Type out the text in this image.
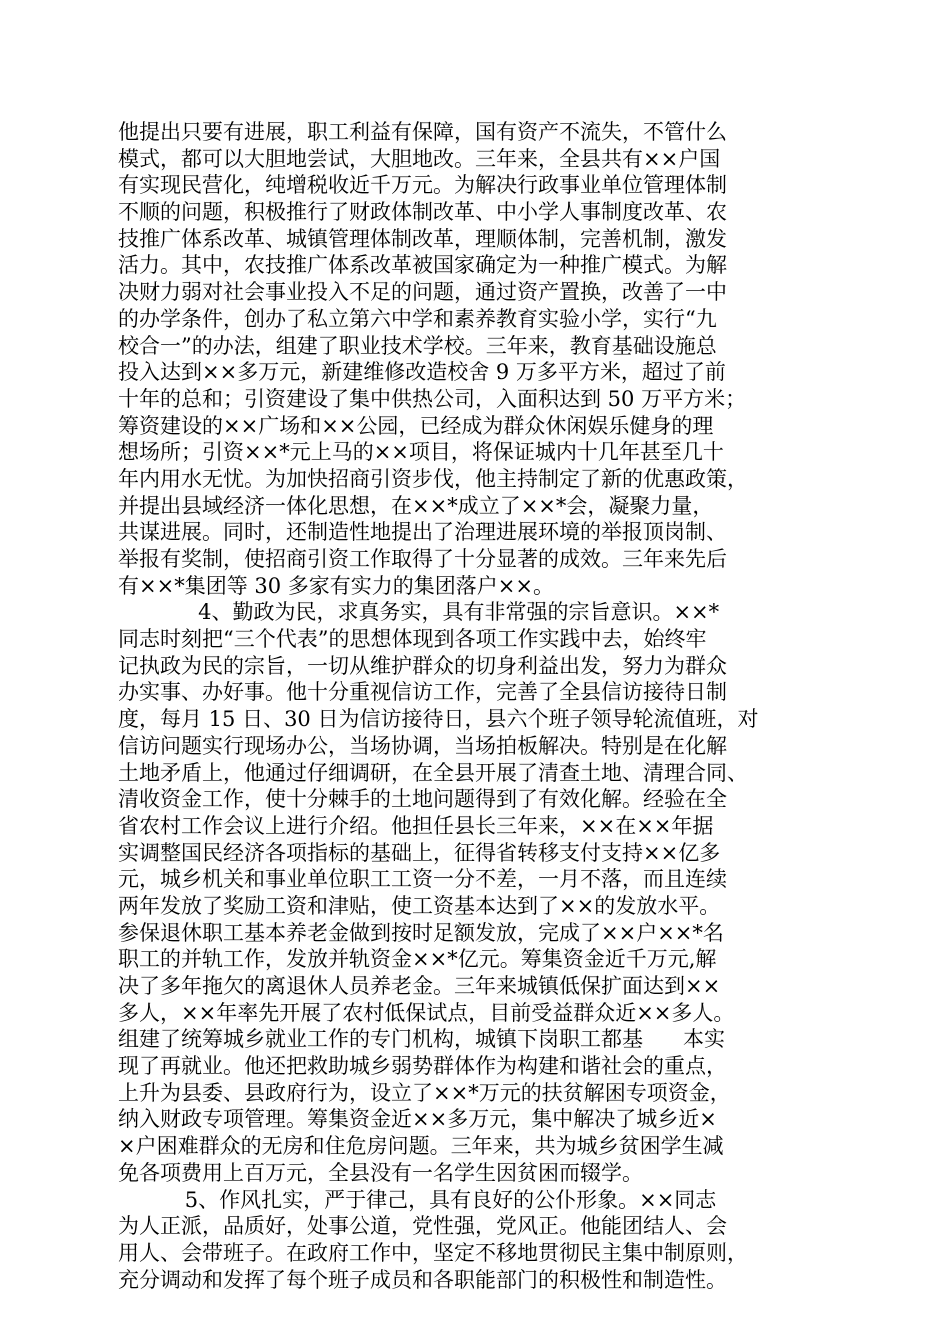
他提出只要有进展，职工利益有保障，国有资产不流失，不管什么
模式，都可以大胆地尝试，大胆地改。三年来，全县共有××户国
有实现民营化，纯增税收近千万元。为解决行政事业单位管理体制
不顺的问题，积极推行了财政体制改革、中小学人事制度改革、农
技推广体系改革、城镇管理体制改革，理顺体制，完善机制，激发
活力。其中，农技推广体系改革被国家确定为一种推广模式。为解
决财力弱对社会事业投入不足的问题，通过资产置换，改善了一中
的办学条件，创办了私立第六中学和素养教育实验小学，实行“九
校合一”的办法，组建了职业技术学校。三年来，教育基础设施总
投入达到××多万元，新建维修改造校舍 9 万多平方米，超过了前
十年的总和；引资建设了集中供热公司，入面积达到 50 万平方米；
筹资建设的××广场和××公园，已经成为群众休闲娱乐健身的理
想场所；引资××*元上马的××项目，将保证城内十几年甚至几十
年内用水无忧。为加快招商引资步伐，他主持制定了新的优惠政策，
并提出县域经济一体化思想，在××*成立了××*会，凝聚力量，
共谋进展。同时，还制造性地提出了治理进展环境的举报顶岗制、
举报有奖制，使招商引资工作取得了十分显著的成效。三年来先后
有××*集团等 30 多家有实力的集团落户××。
4、勤政为民，求真务实，具有非常强的宗旨意识。××*
同志时刻把“三个代表”的思想体现到各项工作实践中去，始终牢
记执政为民的宗旨，一切从维护群众的切身利益出发，努力为群众
办实事、办好事。他十分重视信访工作，完善了全县信访接待日制
度，每月 15 日、30 日为信访接待日，县六个班子领导轮流值班，对
信访问题实行现场办公，当场协调，当场拍板解决。特别是在化解
土地矛盾上，他通过仔细调研，在全县开展了清查土地、清理合同、
清收资金工作，使十分棘手的土地问题得到了有效化解。经验在全
省农村工作会议上进行介绍。他担任县长三年来，××在××年据
实调整国民经济各项指标的基础上，征得省转移支付支持××亿多
元，城乡机关和事业单位职工工资一分不差，一月不落，而且连续
两年发放了奖励工资和津贴，使工资基本达到了××的发放水平。
参保退休职工基本养老金做到按时足额发放，完成了××户××*名
职工的并轨工作，发放并轨资金××*亿元。筹集资金近千万元,解
决了多年拖欠的离退休人员养老金。三年来城镇低保扩面达到××
多人，××年率先开展了农村低保试点，目前受益群众近××多人。
组建了统筹城乡就业工作的专门机构，城镇下岗职工都基      本实
现了再就业。他还把救助城乡弱势群体作为构建和谐社会的重点，
上升为县委、县政府行为，设立了××*万元的扶贫解困专项资金，
纳入财政专项管理。筹集资金近××多万元，集中解决了城乡近×
×户困难群众的无房和住危房问题。三年来，共为城乡贫困学生减
免各项费用上百万元，全县没有一名学生因贫困而辍学。
5、作风扎实，严于律己，具有良好的公仆形象。××同志
为人正派，品质好，处事公道，党性强，党风正。他能团结人、会
用人、会带班子。在政府工作中，坚定不移地贯彻民主集中制原则，
充分调动和发挥了每个班子成员和各职能部门的积极性和制造性。
